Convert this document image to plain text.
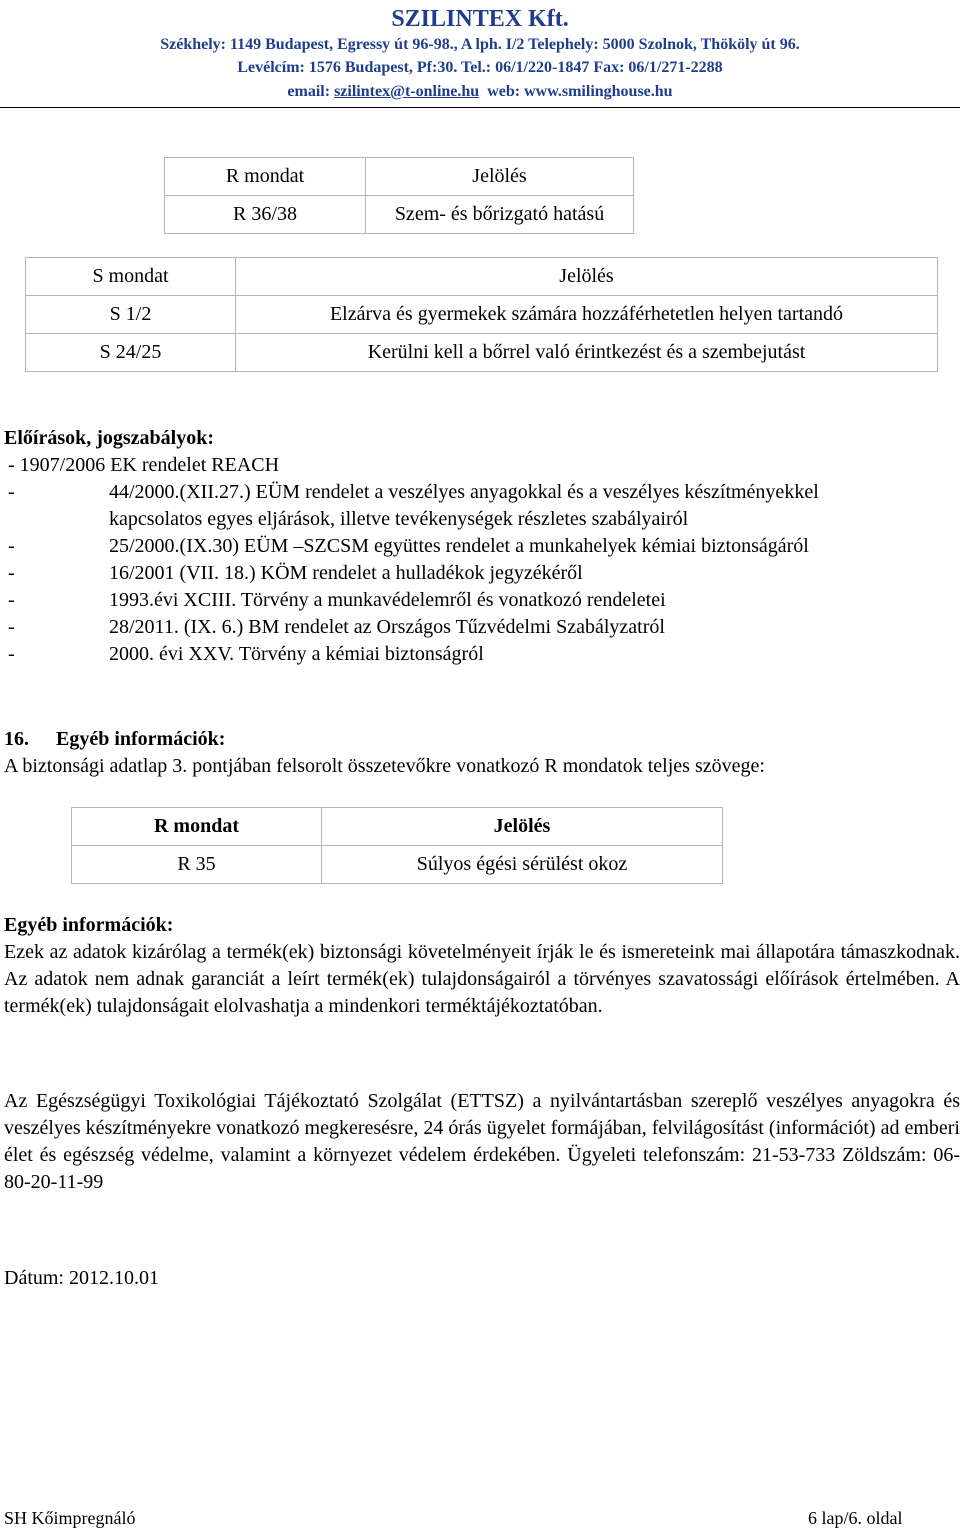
SZILINTEX Kft.
Székhely: 1149 Budapest, Egressy út 96-98., A lph. I/2 Telephely: 5000 Szolnok, Thököly út 96.
Levélcím: 1576 Budapest, Pf:30. Tel.: 06/1/220-1847 Fax: 06/1/271-2288
email: szilintex@t-online.hu web: www.smilinghouse.hu
R mondat	Jelölés
R 36/38	Szem- és bőrizgató hatású
S mondat	Jelölés
S 1/2	Elzárva és gyermekek számára hozzáférhetetlen helyen tartandó
S 24/25	Kerülni kell a bőrrel való érintkezést és a szembejutást
Előírások, jogszabályok:
- 1907/2006 EK rendelet REACH
-	44/2000.(XII.27.) EÜM rendelet a veszélyes anyagokkal és a veszélyes készítményekkel
kapcsolatos egyes eljárások, illetve tevékenységek részletes szabályairól
-	25/2000.(IX.30) EÜM –SZCSM együttes rendelet a munkahelyek kémiai biztonságáról
-	16/2001 (VII. 18.) KÖM rendelet a hulladékok jegyzékéről
-	1993.évi XCIII. Törvény a munkavédelemről és vonatkozó rendeletei
-	28/2011. (IX. 6.) BM rendelet az Országos Tűzvédelmi Szabályzatról
-	2000. évi XXV. Törvény a kémiai biztonságról
16. Egyéb információk:
A biztonsági adatlap 3. pontjában felsorolt összetevőkre vonatkozó R mondatok teljes szövege:
R mondat	Jelölés
R 35	Súlyos égési sérülést okoz
Egyéb információk:
Ezek az adatok kizárólag a termék(ek) biztonsági követelményeit írják le és ismereteink mai állapotára támaszkodnak. Az adatok nem adnak garanciát a leírt termék(ek) tulajdonságairól a törvényes szavatossági előírások értelmében. A termék(ek) tulajdonságait elolvashatja a mindenkori terméktájékoztatóban.
Az Egészségügyi Toxikológiai Tájékoztató Szolgálat (ETTSZ) a nyilvántartásban szereplő veszélyes anyagokra és veszélyes készítményekre vonatkozó megkeresésre, 24 órás ügyelet formájában, felvilágosítást (információt) ad emberi élet és egészség védelme, valamint a környezet védelem érdekében. Ügyeleti telefonszám: 21-53-733 Zöldszám: 06-80-20-11-99
Dátum: 2012.10.01
SH Kőimpregnáló	6 lap/6. oldal
